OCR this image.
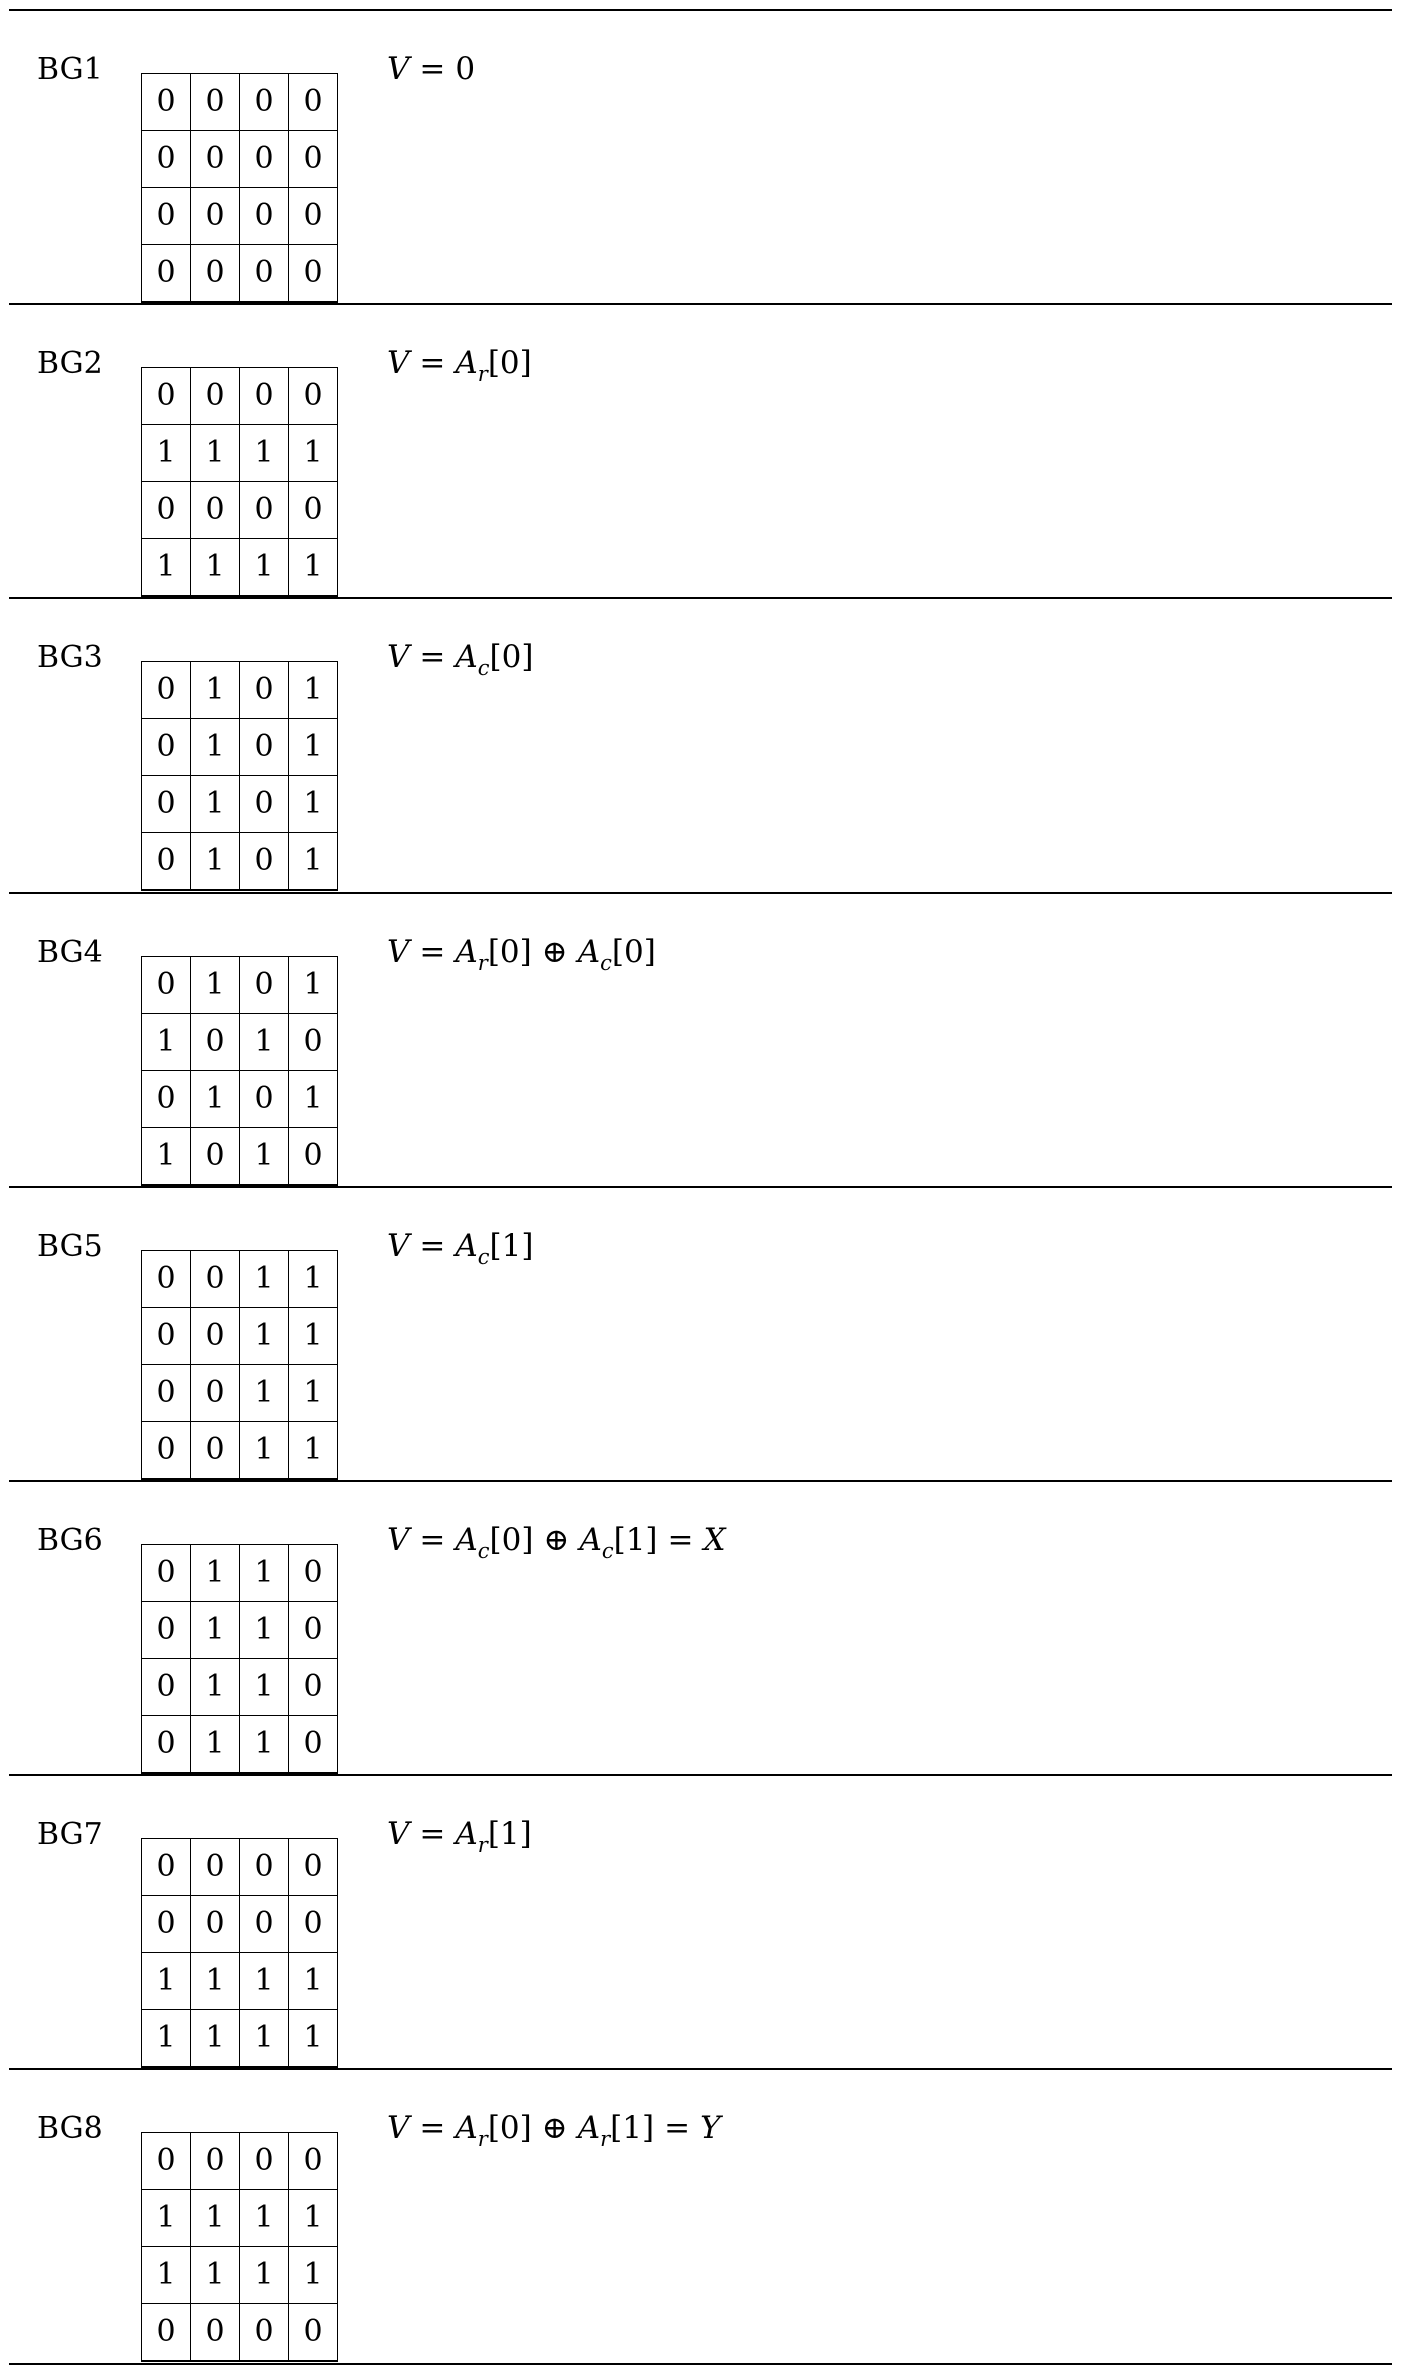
BG1
0	0	0	0
0	0	0	0
0	0	0	0
0	0	0	0
V = 0
BG2
0	0	0	0
1	1	1	1
0	0	0	0
1	1	1	1
$V = A_r[0]$
BG3
0	1	0	1
0	1	0	1
0	1	0	1
0	1	0	1
$V = A_c[0]$
BG4
0	1	0	1
1	0	1	0
0	1	0	1
1	0	1	0
$V = A_r[0]$ ⊕ $A_c[0]$
BG5
0	0	1	1
0	0	1	1
0	0	1	1
0	0	1	1
$V = A_c[1]$
BG6
0	1	1	0
0	1	1	0
0	1	1	0
0	1	1	0
$V = A_c[0]$ ⊕ $A_c[1] = X$
BG7
0	0	0	0
0	0	0	0
1	1	1	1
1	1	1	1
$V = A_r[1]$
BG8
0	0	0	0
1	1	1	1
1	1	1	1
0	0	0	0
$V = A_r[0]$ ⊕ $A_r[1] = Y$
